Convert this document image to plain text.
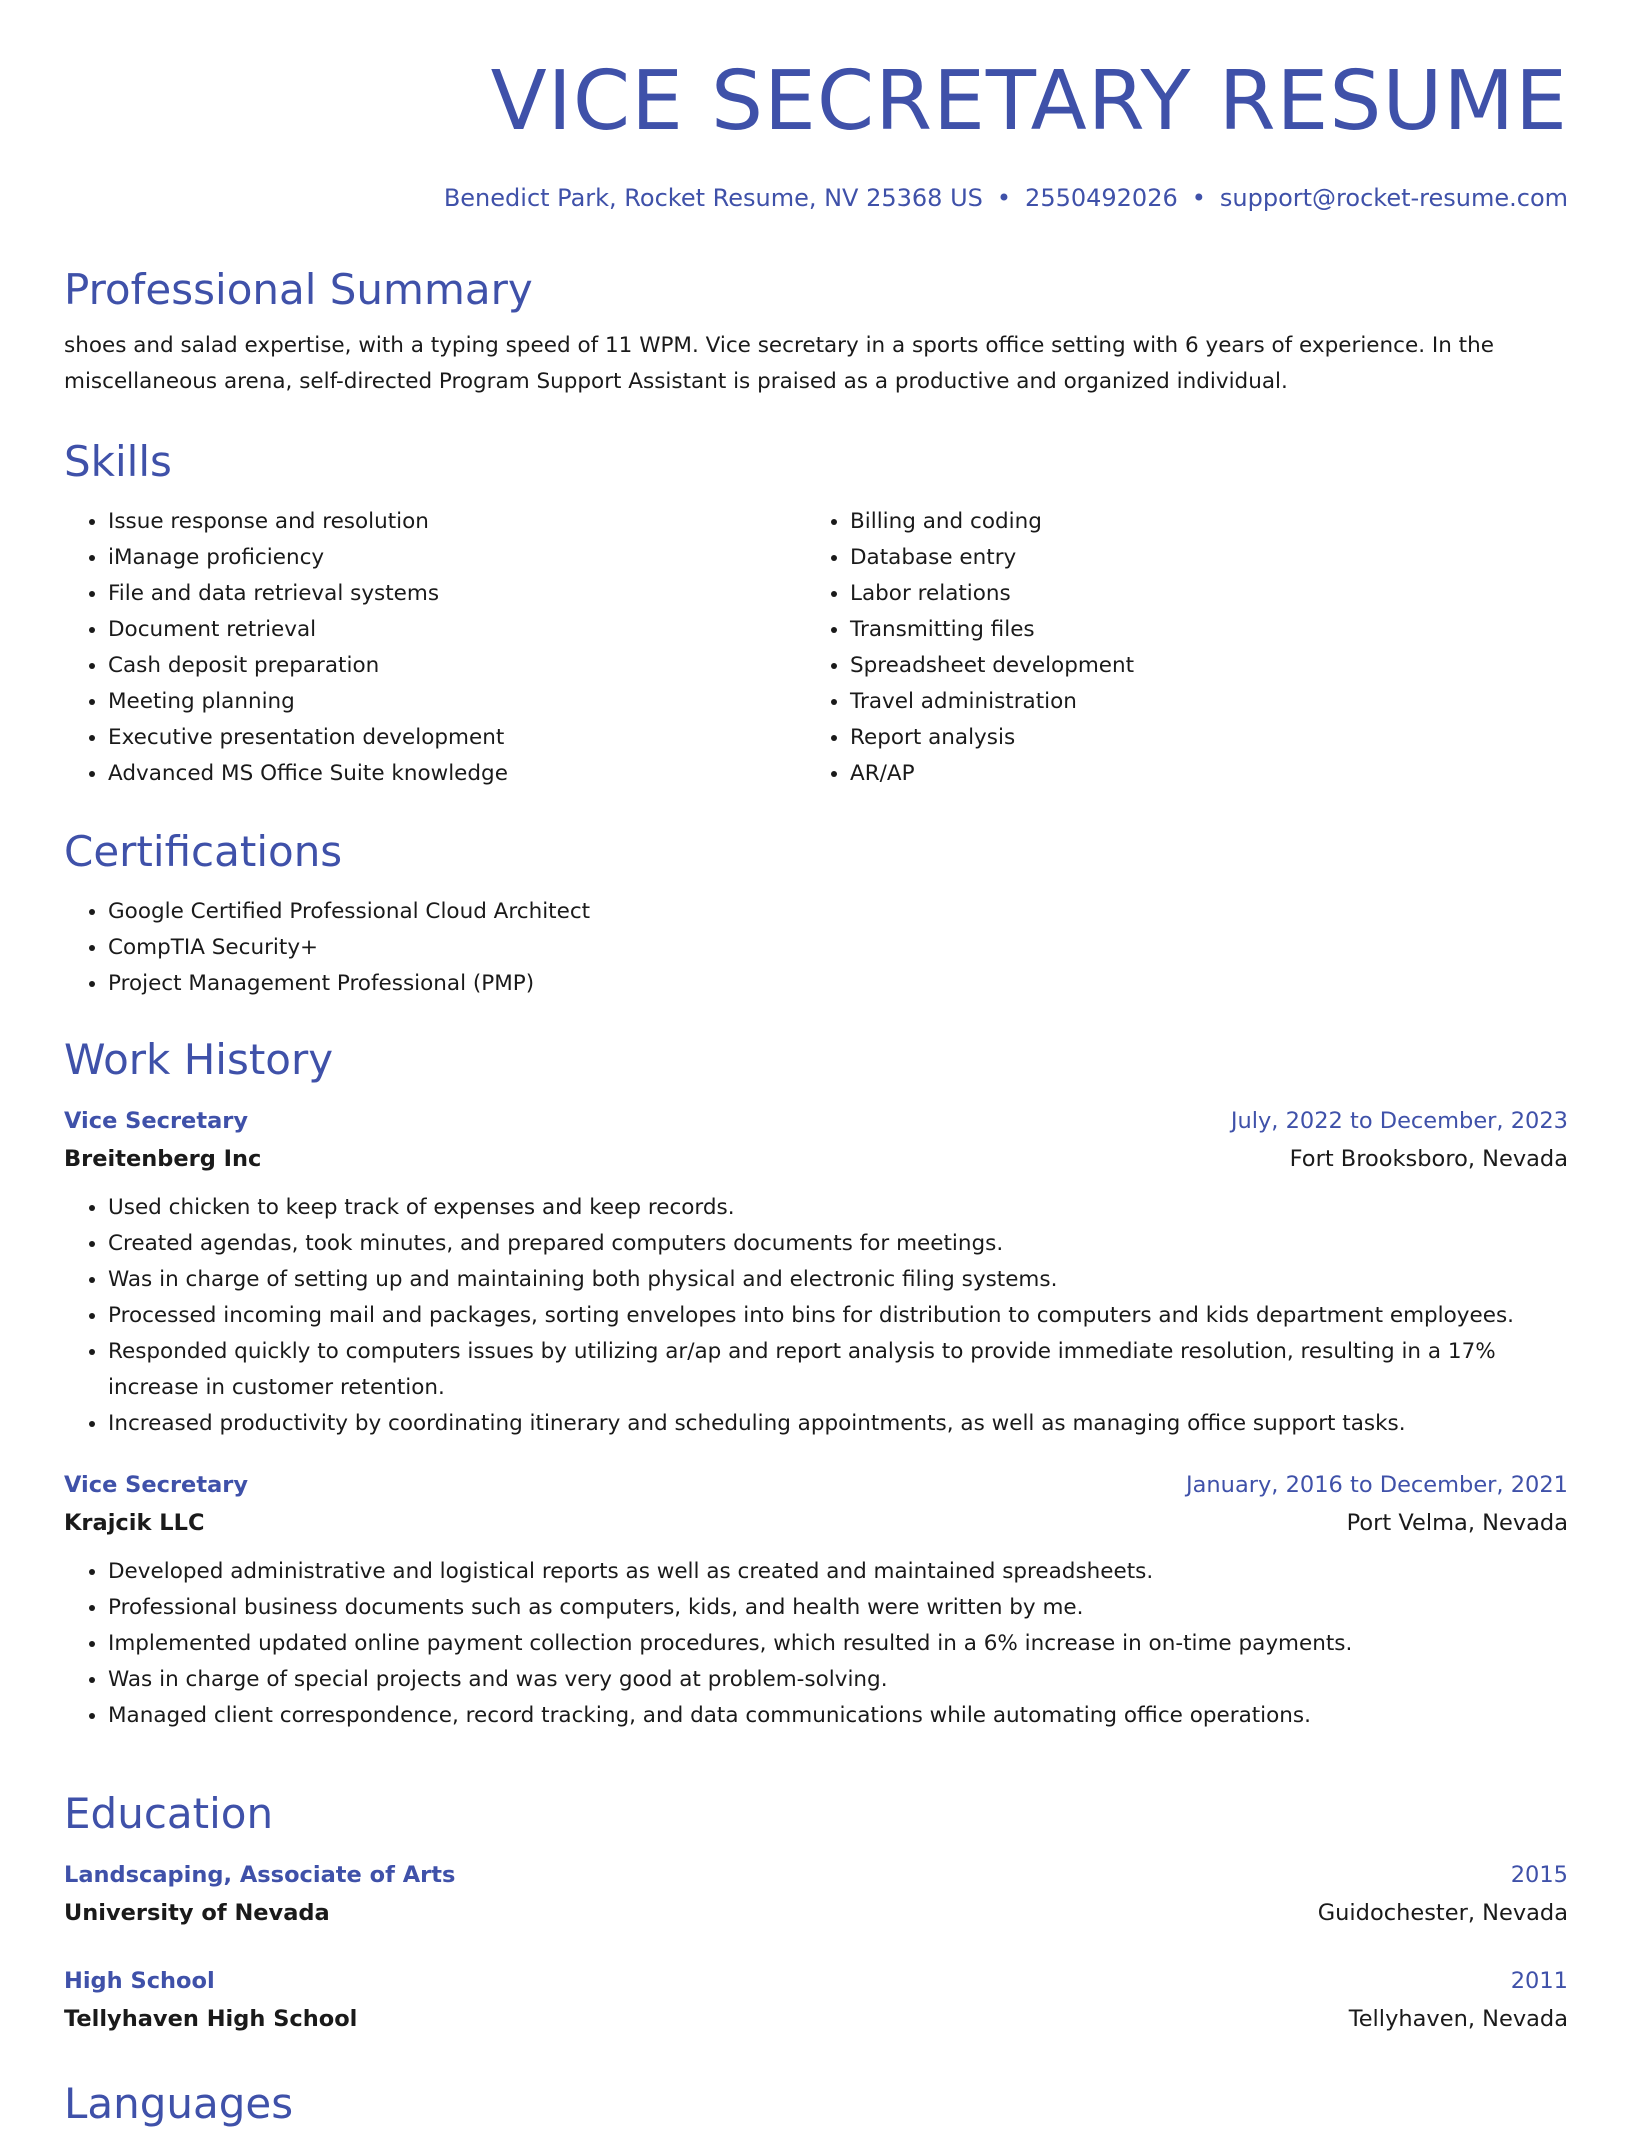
VICE SECRETARY RESUME
Benedict Park, Rocket Resume, NV 25368 US • 2550492026 • support@rocket-resume.com
Professional Summary

shoes and salad expertise, with a typing speed of 11 WPM. Vice secretary in a sports office setting with 6 years of experience. In the miscellaneous arena, self-directed Program Support Assistant is praised as a productive and organized individual.

Skills
• Issue response and resolution
• iManage proficiency
• File and data retrieval systems
• Document retrieval
• Cash deposit preparation
• Meeting planning
• Executive presentation development
• Advanced MS Office Suite knowledge
• Billing and coding
• Database entry
• Labor relations
• Transmitting files
• Spreadsheet development
• Travel administration
• Report analysis
• AR/AP
Certifications
• Google Certified Professional Cloud Architect
• CompTIA Security+
• Project Management Professional (PMP)
Work History
Vice Secretary	July, 2022 to December, 2023
Breitenberg Inc	Fort Brooksboro, Nevada
• Used chicken to keep track of expenses and keep records.
• Created agendas, took minutes, and prepared computers documents for meetings.
• Was in charge of setting up and maintaining both physical and electronic filing systems.
• Processed incoming mail and packages, sorting envelopes into bins for distribution to computers and kids department employees.
• Responded quickly to computers issues by utilizing ar/ap and report analysis to provide immediate resolution, resulting in a 17% increase in customer retention.
• Increased productivity by coordinating itinerary and scheduling appointments, as well as managing office support tasks.
Vice Secretary	January, 2016 to December, 2021
Krajcik LLC	Port Velma, Nevada
• Developed administrative and logistical reports as well as created and maintained spreadsheets.
• Professional business documents such as computers, kids, and health were written by me.
• Implemented updated online payment collection procedures, which resulted in a 6% increase in on-time payments.
• Was in charge of special projects and was very good at problem-solving.
• Managed client correspondence, record tracking, and data communications while automating office operations.
Education
Landscaping, Associate of Arts	2015
University of Nevada	Guidochester, Nevada
High School	2011
Tellyhaven High School	Tellyhaven, Nevada
Languages
